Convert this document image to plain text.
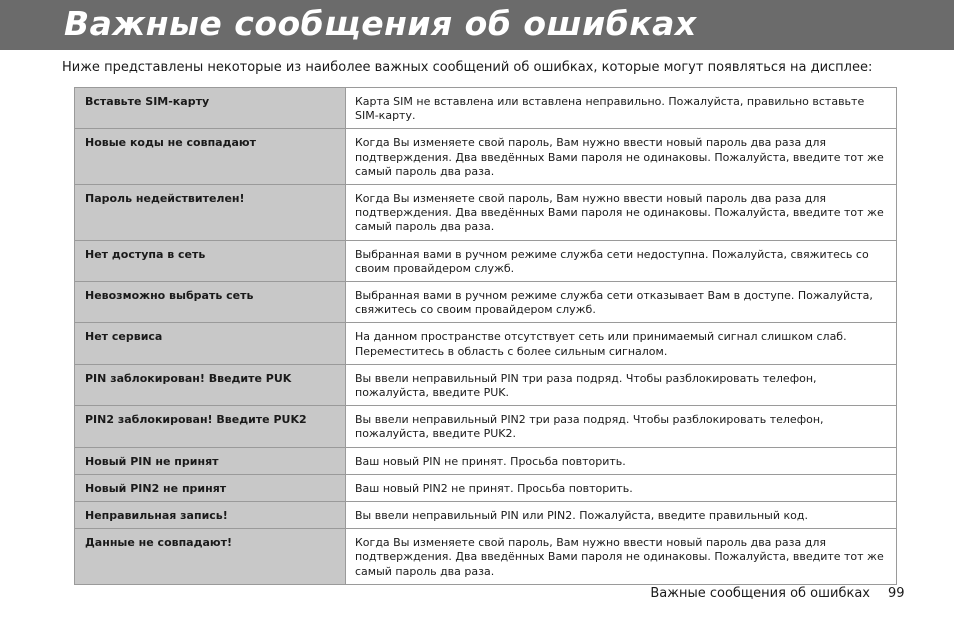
Важные сообщения об ошибках

Ниже представлены некоторые из наиболее важных сообщений об ошибках, которые могут появляться на дисплее:

Вставьте SIM-карту	Карта SIM не вставлена или вставлена неправильно. Пожалуйста, правильно вставьте SIM-карту.
Новые коды не совпадают	Когда Вы изменяете свой пароль, Вам нужно ввести новый пароль два раза для подтверждения. Два введённых Вами пароля не одинаковы. Пожалуйста, введите тот же самый пароль два раза.
Пароль недействителен!	Когда Вы изменяете свой пароль, Вам нужно ввести новый пароль два раза для подтверждения. Два введённых Вами пароля не одинаковы. Пожалуйста, введите тот же самый пароль два раза.
Нет доступа в сеть	Выбранная вами в ручном режиме служба сети недоступна. Пожалуйста, свяжитесь со своим провайдером служб.
Невозможно выбрать сеть	Выбранная вами в ручном режиме служба сети отказывает Вам в доступе. Пожалуйста, свяжитесь со своим провайдером служб.
Нет сервиса	На данном пространстве отсутствует сеть или принимаемый сигнал слишком слаб. Переместитесь в область с более сильным сигналом.
PIN заблокирован! Введите PUK	Вы ввели неправильный PIN три раза подряд. Чтобы разблокировать телефон, пожалуйста, введите PUK.
PIN2 заблокирован! Введите PUK2	Вы ввели неправильный PIN2 три раза подряд. Чтобы разблокировать телефон, пожалуйста, введите PUK2.
Новый PIN не принят	Ваш новый PIN не принят. Просьба повторить.
Новый PIN2 не принят	Ваш новый PIN2 не принят. Просьба повторить.
Неправильная запись!	Вы ввели неправильный PIN или PIN2. Пожалуйста, введите правильный код.
Данные не совпадают!	Когда Вы изменяете свой пароль, Вам нужно ввести новый пароль два раза для подтверждения. Два введённых Вами пароля не одинаковы. Пожалуйста, введите тот же самый пароль два раза.
Важные сообщения об ошибках 99
